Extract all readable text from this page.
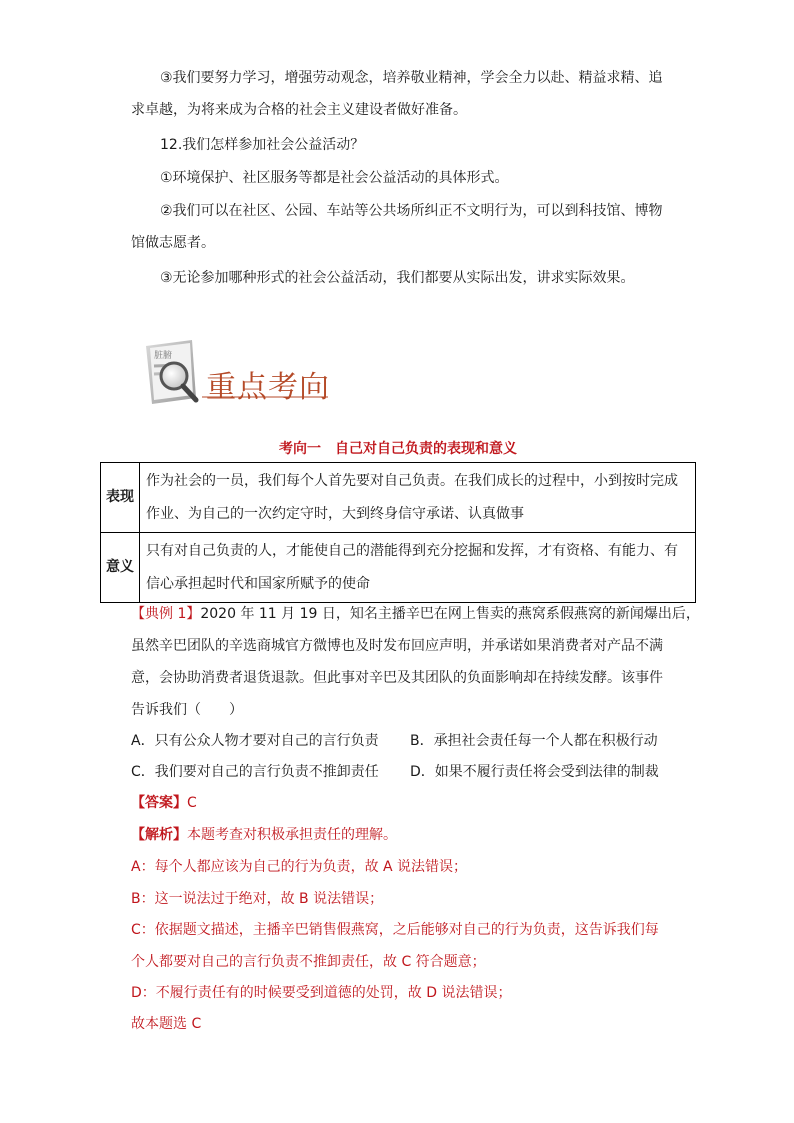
③我们要努力学习，增强劳动观念，培养敬业精神，学会全力以赴、精益求精、追
求卓越，为将来成为合格的社会主义建设者做好准备。
12.我们怎样参加社会公益活动？
①环境保护、社区服务等都是社会公益活动的具体形式。
②我们可以在社区、公园、车站等公共场所纠正不文明行为，可以到科技馆、博物
馆做志愿者。
③无论参加哪种形式的社会公益活动，我们都要从实际出发，讲求实际效果。
脏腑
重点考向
考向一　自己对自己负责的表现和意义
表现	作为社会的一员，我们每个人首先要对自己负责。在我们成长的过程中，小到按时完成
作业、为自己的一次约定守时，大到终身信守承诺、认真做事

意义	只有对自己负责的人，才能使自己的潜能得到充分挖掘和发挥，才有资格、有能力、有
信心承担起时代和国家所赋予的使命
【典例 1】2020 年 11 月 19 日，知名主播辛巴在网上售卖的燕窝系假燕窝的新闻爆出后，
虽然辛巴团队的辛选商城官方微博也及时发布回应声明，并承诺如果消费者对产品不满
意，会协助消费者退货退款。但此事对辛巴及其团队的负面影响却在持续发酵。该事件
告诉我们（　　）
A．只有公众人物才要对自己的言行负责 B．承担社会责任每一个人都在积极行动
C．我们要对自己的言行负责不推卸责任 D．如果不履行责任将会受到法律的制裁
【答案】C
【解析】本题考查对积极承担责任的理解。
A：每个人都应该为自己的行为负责，故 A 说法错误；
B：这一说法过于绝对，故 B 说法错误；
C：依据题文描述，主播辛巴销售假燕窝，之后能够对自己的行为负责，这告诉我们每
个人都要对自己的言行负责不推卸责任，故 C 符合题意；
D：不履行责任有的时候要受到道德的处罚，故 D 说法错误；
故本题选 C
